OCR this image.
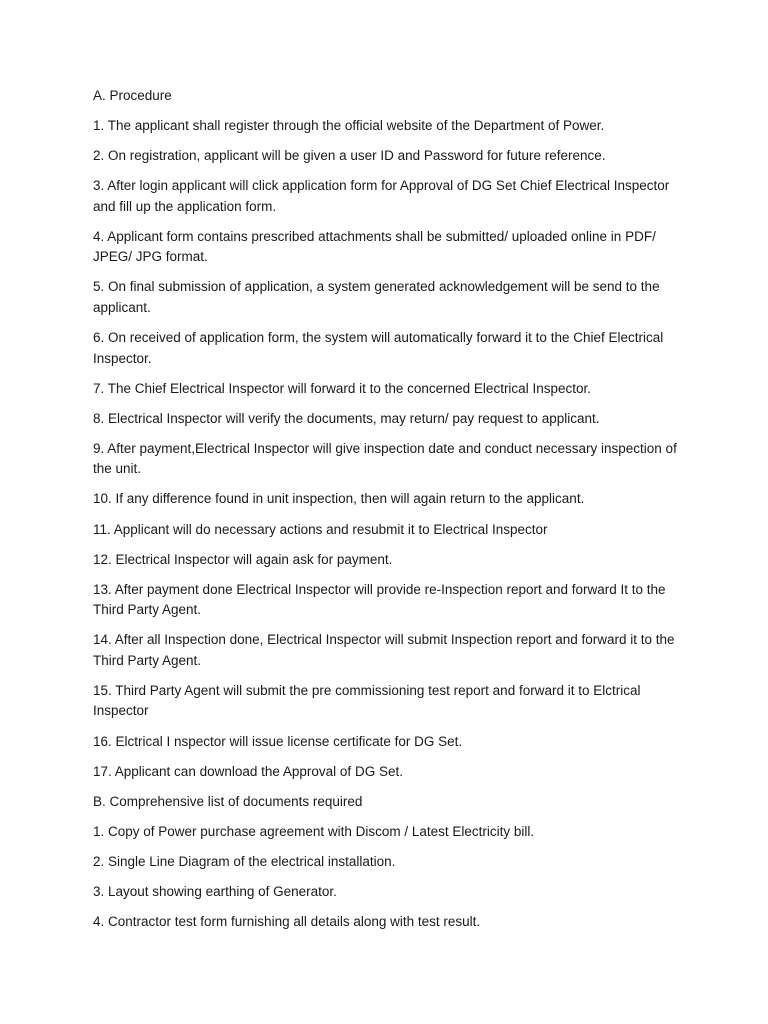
A. Procedure

1. The applicant shall register through the official website of the Department of Power.

2. On registration, applicant will be given a user ID and Password for future reference.

3. After login applicant will click application form for Approval of DG Set Chief Electrical Inspector and fill up the application form.

4. Applicant form contains prescribed attachments shall be submitted/ uploaded online in PDF/ JPEG/ JPG format.

5. On final submission of application, a system generated acknowledgement will be send to the applicant.

6. On received of application form, the system will automatically forward it to the Chief Electrical Inspector.

7. The Chief Electrical Inspector will forward it to the concerned Electrical Inspector.

8. Electrical Inspector will verify the documents, may return/ pay request to applicant.

9. After payment,Electrical Inspector will give inspection date and conduct necessary inspection of the unit.

10. If any difference found in unit inspection, then will again return to the applicant.

11. Applicant will do necessary actions and resubmit it to Electrical Inspector

12. Electrical Inspector will again ask for payment.

13. After payment done Electrical Inspector will provide re-Inspection report and forward It to the Third Party Agent.

14. After all Inspection done, Electrical Inspector will submit Inspection report and forward it to the Third Party Agent.

15. Third Party Agent will submit the pre commissioning test report and forward it to Elctrical Inspector

16. Elctrical I nspector will issue license certificate for DG Set.

17. Applicant can download the Approval of DG Set.

B. Comprehensive list of documents required

1. Copy of Power purchase agreement with Discom / Latest Electricity bill.

2. Single Line Diagram of the electrical installation.

3. Layout showing earthing of Generator.

4. Contractor test form furnishing all details along with test result.
